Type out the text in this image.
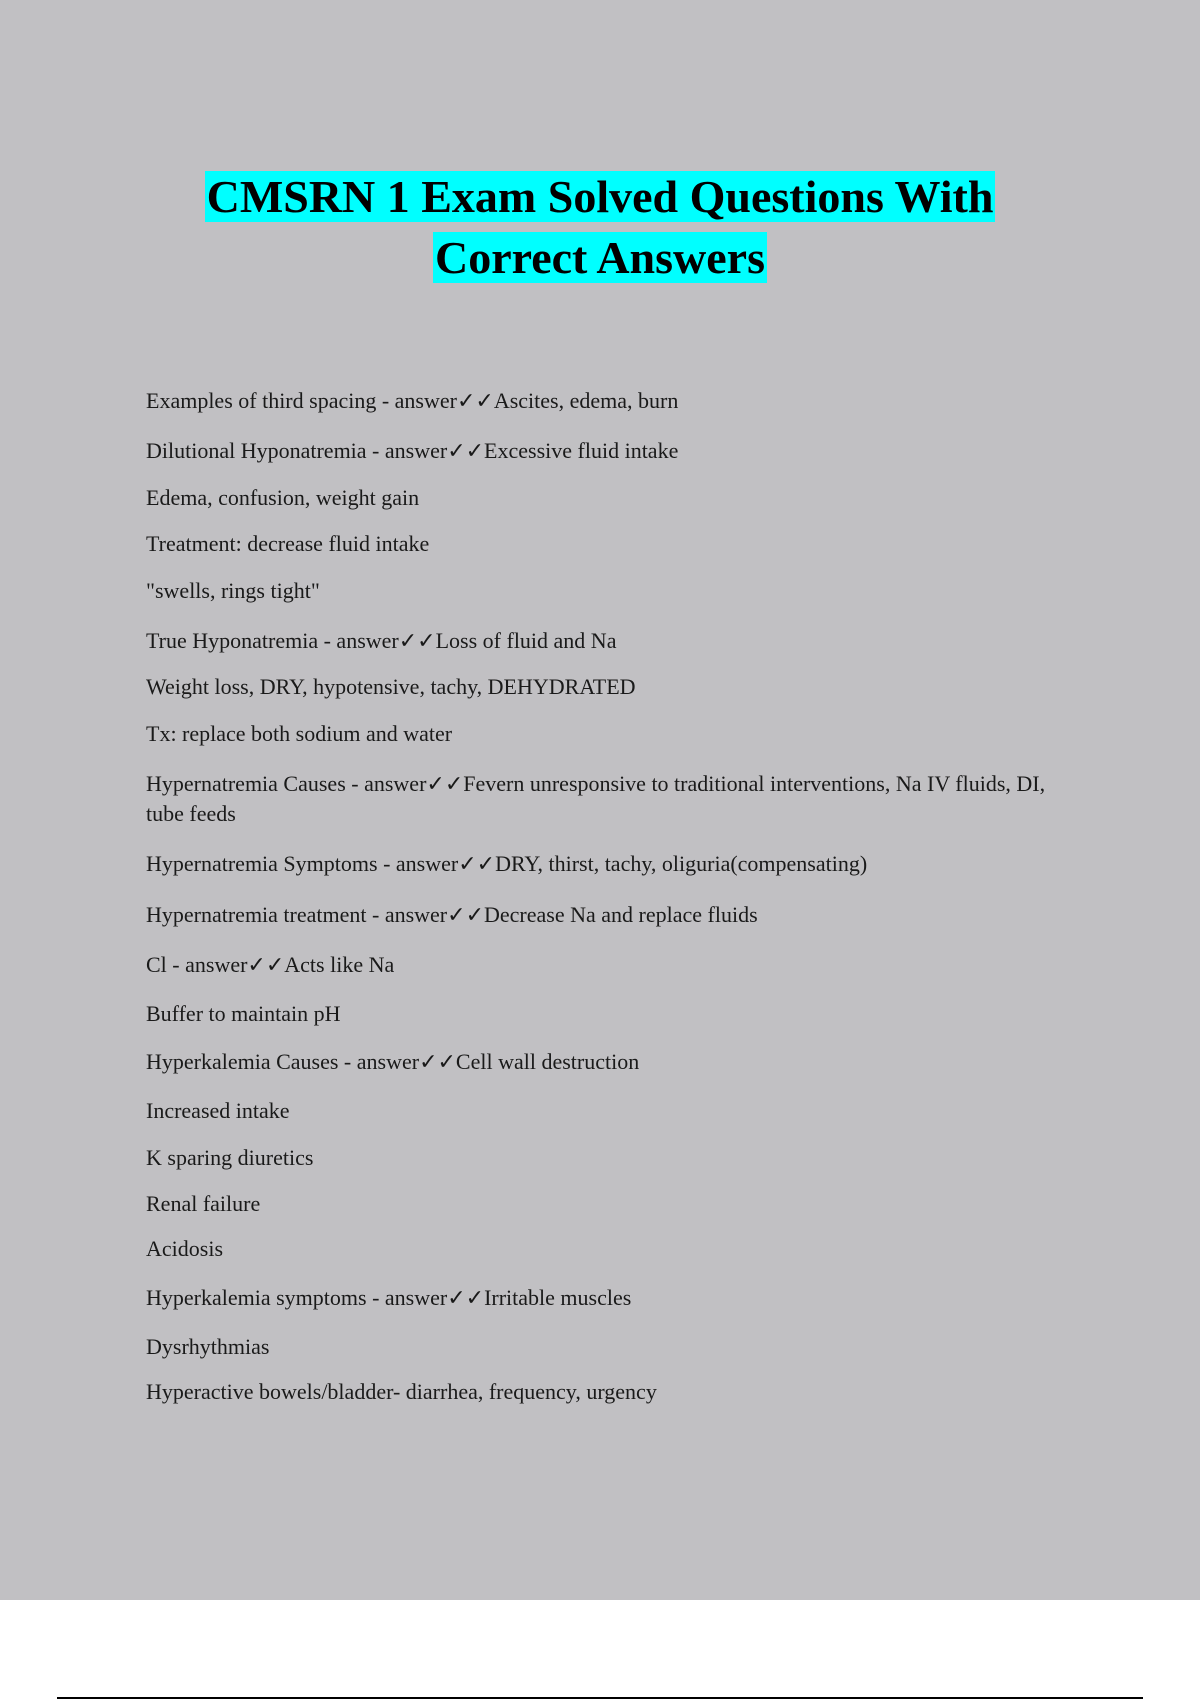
CMSRN 1 Exam Solved Questions With
Correct Answers
Examples of third spacing - answer✓✓Ascites, edema, burn
Dilutional Hyponatremia - answer✓✓Excessive fluid intake
Edema, confusion, weight gain
Treatment: decrease fluid intake
"swells, rings tight"
True Hyponatremia - answer✓✓Loss of fluid and Na
Weight loss, DRY, hypotensive, tachy, DEHYDRATED
Tx: replace both sodium and water
Hypernatremia Causes - answer✓✓Fevern unresponsive to traditional interventions, Na IV fluids, DI, tube feeds
Hypernatremia Symptoms - answer✓✓DRY, thirst, tachy, oliguria(compensating)
Hypernatremia treatment - answer✓✓Decrease Na and replace fluids
Cl - answer✓✓Acts like Na
Buffer to maintain pH
Hyperkalemia Causes - answer✓✓Cell wall destruction
Increased intake
K sparing diuretics
Renal failure
Acidosis
Hyperkalemia symptoms - answer✓✓Irritable muscles
Dysrhythmias
Hyperactive bowels/bladder- diarrhea, frequency, urgency
